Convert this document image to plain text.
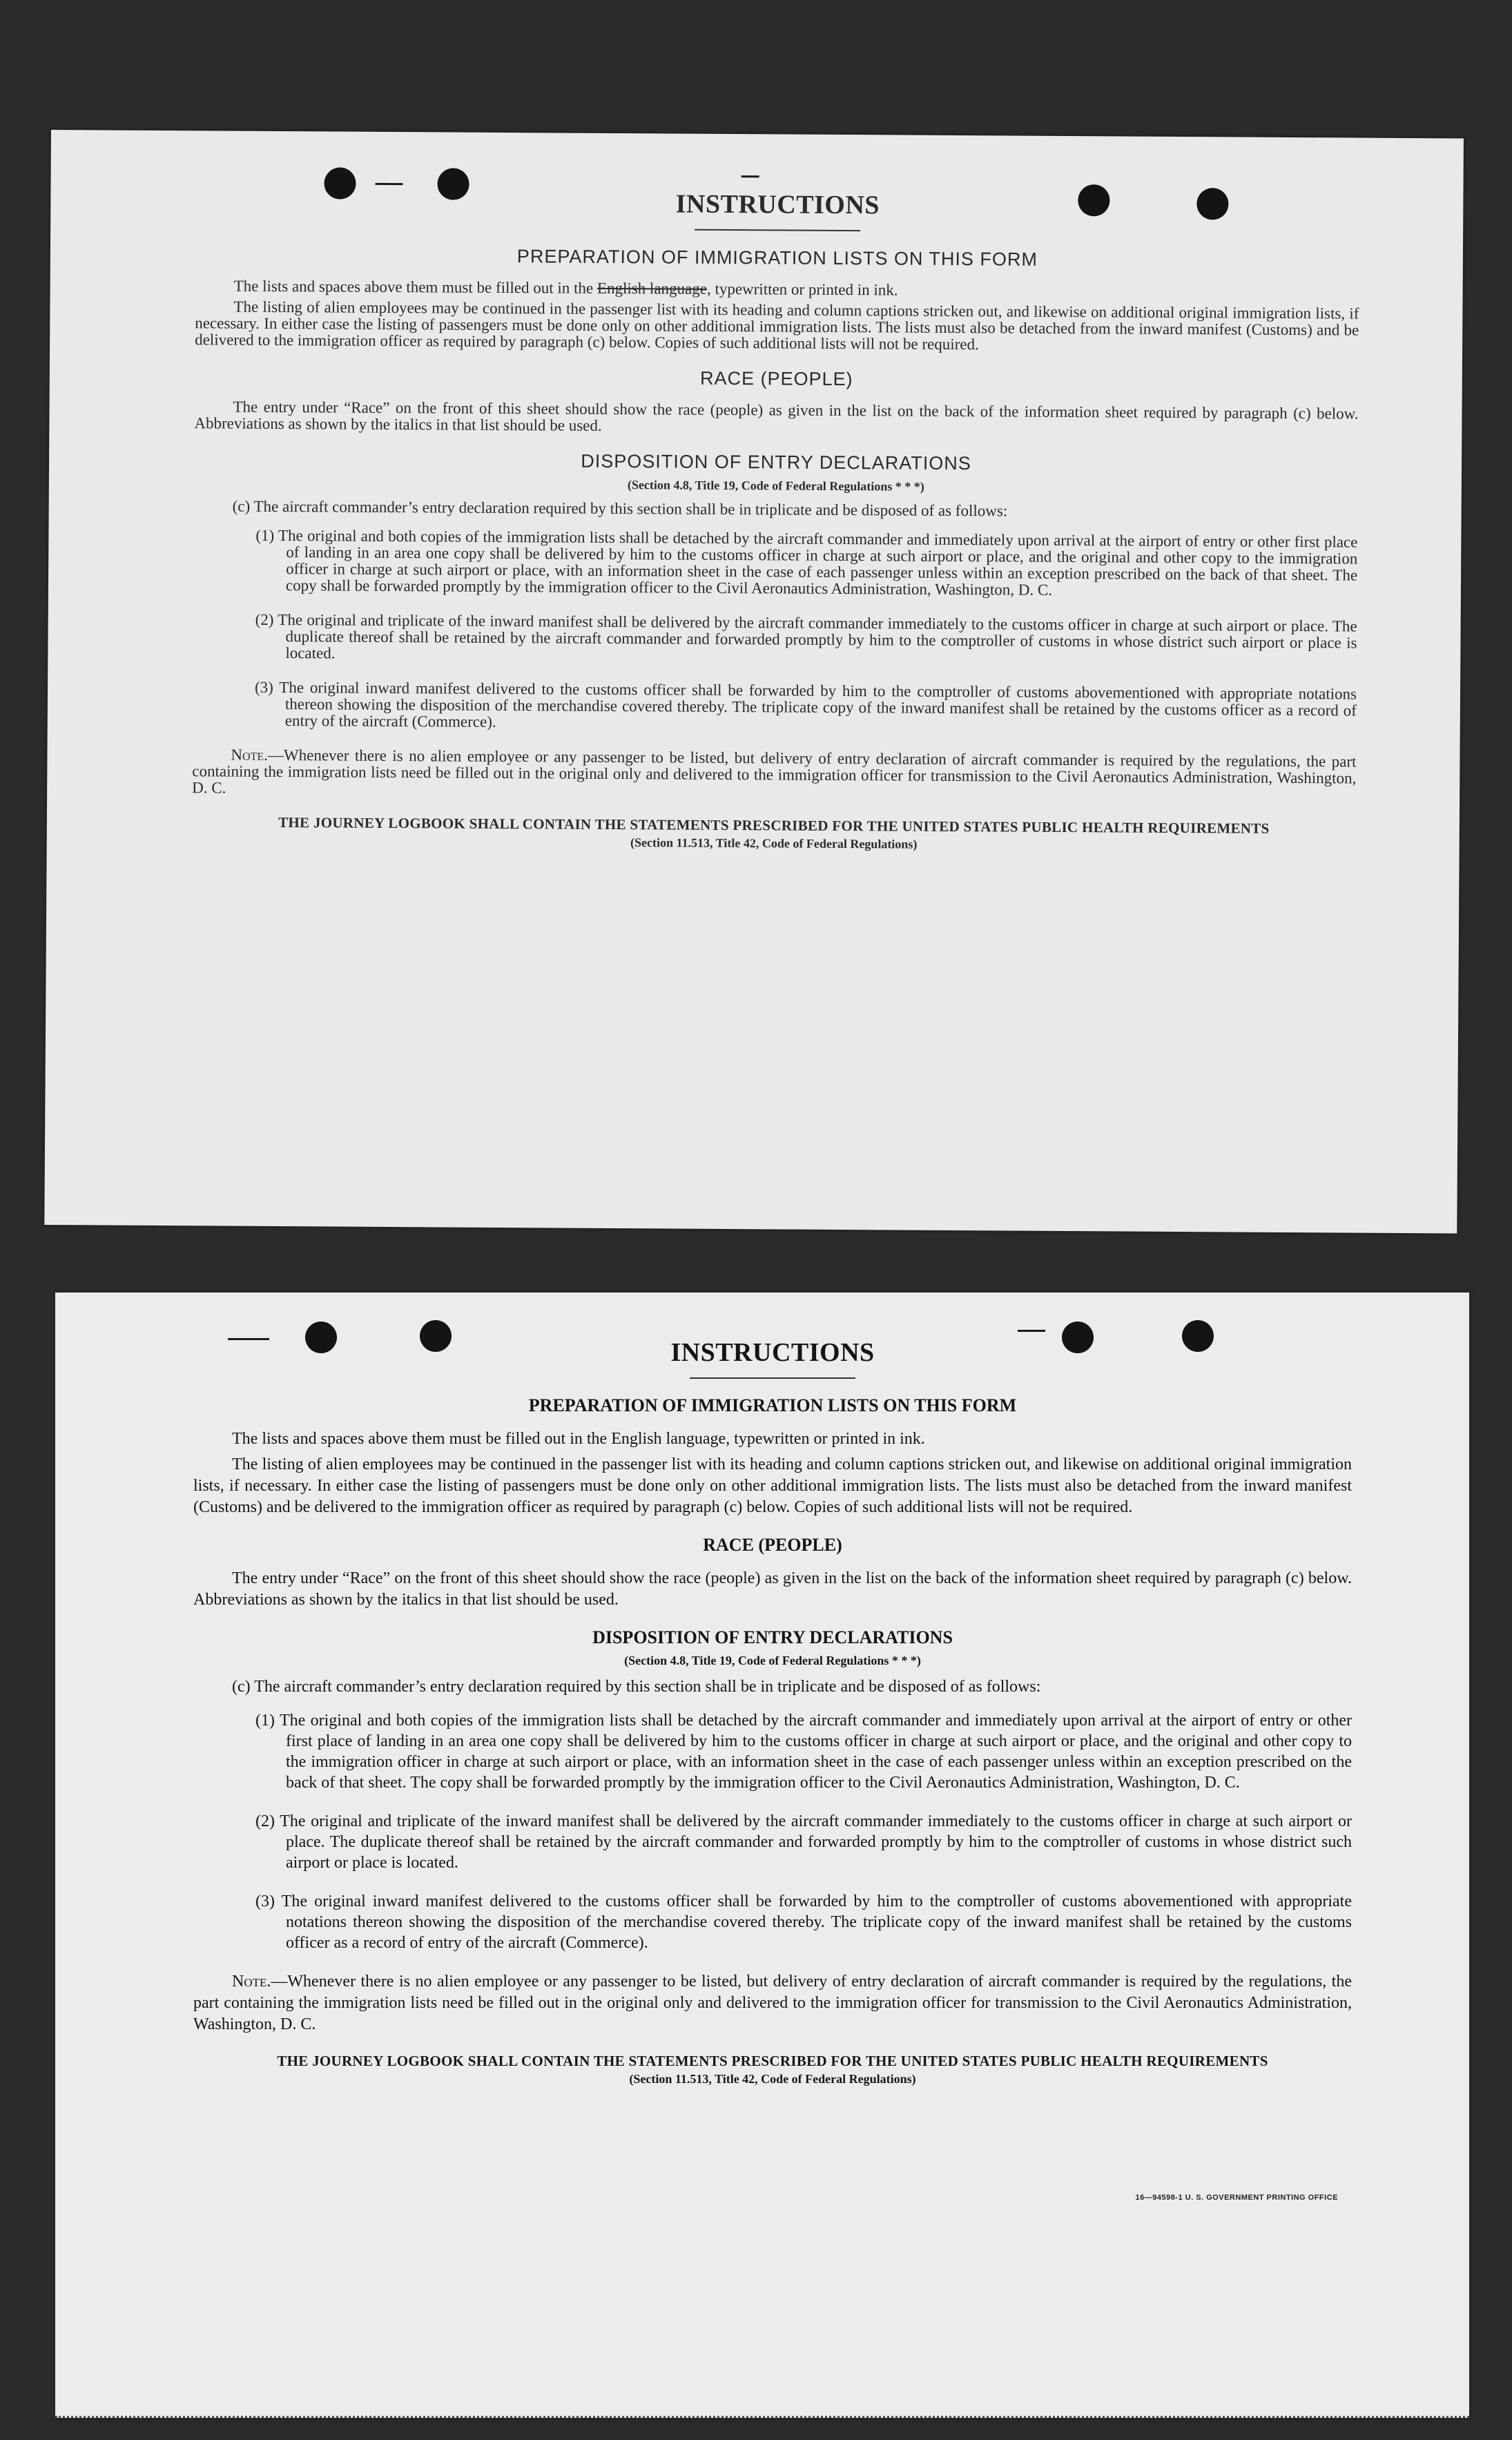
INSTRUCTIONS
PREPARATION OF IMMIGRATION LISTS ON THIS FORM

The lists and spaces above them must be filled out in the English language, typewritten or printed in ink.

The listing of alien employees may be continued in the passenger list with its heading and column captions stricken out, and likewise on additional original immigration lists, if necessary. In either case the listing of passengers must be done only on other additional immigration lists. The lists must also be detached from the inward manifest (Customs) and be delivered to the immigration officer as required by paragraph (c) below. Copies of such additional lists will not be required.

RACE (PEOPLE)

The entry under “Race” on the front of this sheet should show the race (people) as given in the list on the back of the information sheet required by paragraph (c) below. Abbreviations as shown by the italics in that list should be used.

DISPOSITION OF ENTRY DECLARATIONS
(Section 4.8, Title 19, Code of Federal Regulations * * *)

(c) The aircraft commander’s entry declaration required by this section shall be in triplicate and be disposed of as follows:

(1) The original and both copies of the immigration lists shall be detached by the aircraft commander and immediately upon arrival at the airport of entry or other first place of landing in an area one copy shall be delivered by him to the customs officer in charge at such airport or place, and the original and other copy to the immigration officer in charge at such airport or place, with an information sheet in the case of each passenger unless within an exception prescribed on the back of that sheet. The copy shall be forwarded promptly by the immigration officer to the Civil Aeronautics Administration, Washington, D. C.

(2) The original and triplicate of the inward manifest shall be delivered by the aircraft commander immediately to the customs officer in charge at such airport or place. The duplicate thereof shall be retained by the aircraft commander and forwarded promptly by him to the comptroller of customs in whose district such airport or place is located.

(3) The original inward manifest delivered to the customs officer shall be forwarded by him to the comptroller of customs abovementioned with appropriate notations thereon showing the disposition of the merchandise covered thereby. The triplicate copy of the inward manifest shall be retained by the customs officer as a record of entry of the aircraft (Commerce).

Note.—Whenever there is no alien employee or any passenger to be listed, but delivery of entry declaration of aircraft commander is required by the regulations, the part containing the immigration lists need be filled out in the original only and delivered to the immigration officer for transmission to the Civil Aeronautics Administration, Washington, D. C.

THE JOURNEY LOGBOOK SHALL CONTAIN THE STATEMENTS PRESCRIBED FOR THE UNITED STATES PUBLIC HEALTH REQUIREMENTS
(Section 11.513, Title 42, Code of Federal Regulations)
INSTRUCTIONS
PREPARATION OF IMMIGRATION LISTS ON THIS FORM

The lists and spaces above them must be filled out in the English language, typewritten or printed in ink.

The listing of alien employees may be continued in the passenger list with its heading and column captions stricken out, and likewise on additional original immigration lists, if necessary. In either case the listing of passengers must be done only on other additional immigration lists. The lists must also be detached from the inward manifest (Customs) and be delivered to the immigration officer as required by paragraph (c) below. Copies of such additional lists will not be required.

RACE (PEOPLE)

The entry under “Race” on the front of this sheet should show the race (people) as given in the list on the back of the information sheet required by paragraph (c) below. Abbreviations as shown by the italics in that list should be used.

DISPOSITION OF ENTRY DECLARATIONS
(Section 4.8, Title 19, Code of Federal Regulations * * *)

(c) The aircraft commander’s entry declaration required by this section shall be in triplicate and be disposed of as follows:

(1) The original and both copies of the immigration lists shall be detached by the aircraft commander and immediately upon arrival at the airport of entry or other first place of landing in an area one copy shall be delivered by him to the customs officer in charge at such airport or place, and the original and other copy to the immigration officer in charge at such airport or place, with an information sheet in the case of each passenger unless within an exception prescribed on the back of that sheet. The copy shall be forwarded promptly by the immigration officer to the Civil Aeronautics Administration, Washington, D. C.

(2) The original and triplicate of the inward manifest shall be delivered by the aircraft commander immediately to the customs officer in charge at such airport or place. The duplicate thereof shall be retained by the aircraft commander and forwarded promptly by him to the comptroller of customs in whose district such airport or place is located.

(3) The original inward manifest delivered to the customs officer shall be forwarded by him to the comptroller of customs abovementioned with appropriate notations thereon showing the disposition of the merchandise covered thereby. The triplicate copy of the inward manifest shall be retained by the customs officer as a record of entry of the aircraft (Commerce).

Note.—Whenever there is no alien employee or any passenger to be listed, but delivery of entry declaration of aircraft commander is required by the regulations, the part containing the immigration lists need be filled out in the original only and delivered to the immigration officer for transmission to the Civil Aeronautics Administration, Washington, D. C.

THE JOURNEY LOGBOOK SHALL CONTAIN THE STATEMENTS PRESCRIBED FOR THE UNITED STATES PUBLIC HEALTH REQUIREMENTS
(Section 11.513, Title 42, Code of Federal Regulations)
16—94598-1 U. S. GOVERNMENT PRINTING OFFICE
